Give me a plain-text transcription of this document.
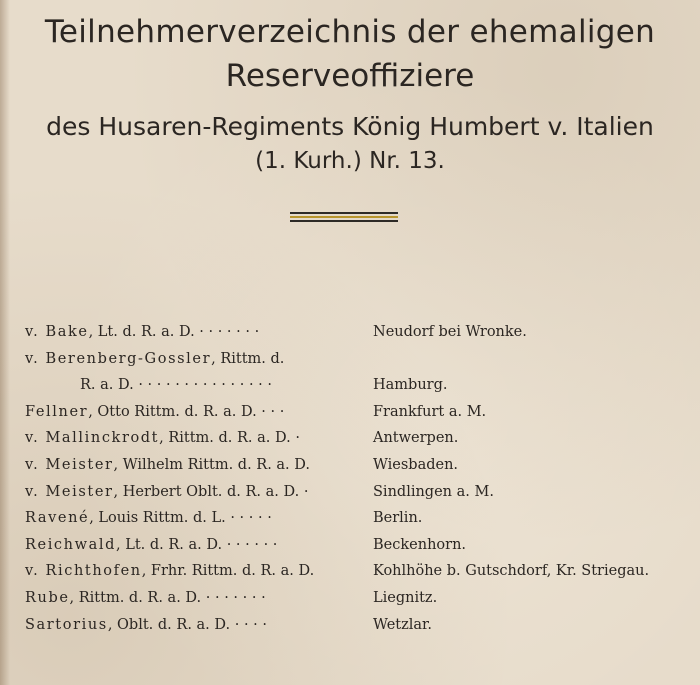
Teilnehmerverzeichnis der ehemaligen
Reserveoffiziere
des Husaren-Regiments König Humbert v. Italien
(1. Kurh.) Nr. 13.
v. Bake, Lt. d. R. a. D. · · · · · · ·	Neudorf bei Wronke.
v. Berenberg-Gossler, Rittm. d.
R. a. D. · · · · · · · · · · · · · · ·	Hamburg.
Fellner, Otto Rittm. d. R. a. D. · · ·	Frankfurt a. M.
v. Mallinckrodt, Rittm. d. R. a. D. ·	Antwerpen.
v. Meister, Wilhelm Rittm. d. R. a. D.	Wiesbaden.
v. Meister, Herbert Oblt. d. R. a. D. ·	Sindlingen a. M.
Ravené, Louis Rittm. d. L. · · · · ·	Berlin.
Reichwald, Lt. d. R. a. D. · · · · · ·	Beckenhorn.
v. Richthofen, Frhr. Rittm. d. R. a. D.	Kohlhöhe b. Gutschdorf, Kr. Striegau.
Rube, Rittm. d. R. a. D. · · · · · · ·	Liegnitz.
Sartorius, Oblt. d. R. a. D. · · · ·	Wetzlar.
